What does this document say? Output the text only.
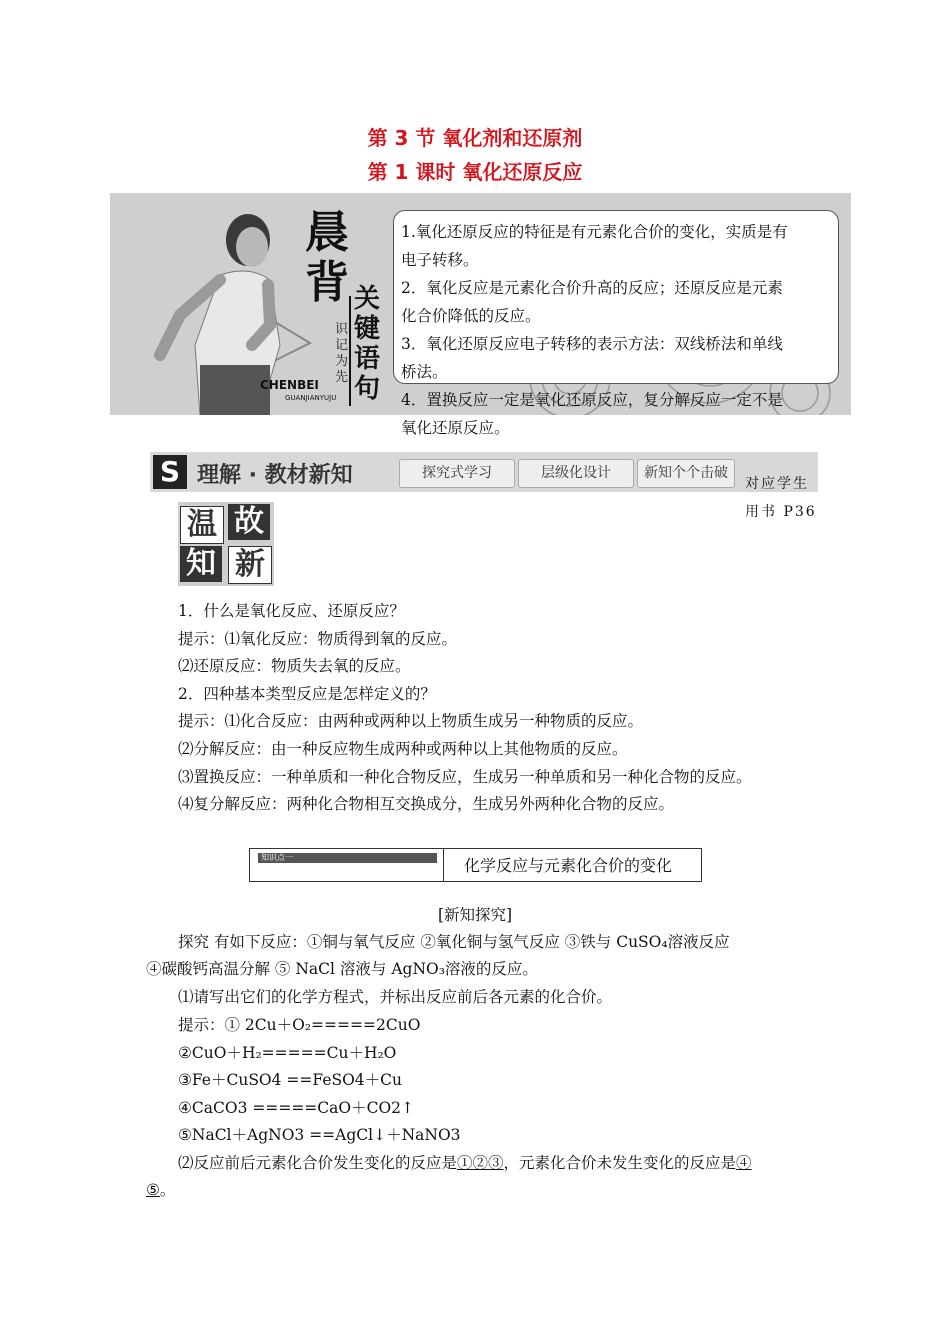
第 3 节 氧化剂和还原剂
第 1 课时 氧化还原反应
晨
背 关
键
语
句
识
记
为
先
CHENBEI
GUANJIANYUJU
1.氧化还原反应的特征是有元素化合价的变化，实质是有
电子转移。
2．氧化反应是元素化合价升高的反应；还原反应是元素
化合价降低的反应。
3．氧化还原反应电子转移的表示方法：双线桥法和单线
桥法。
4．置换反应一定是氧化还原反应，复分解反应一定不是
氧化还原反应。
S 理解 · 教材新知	探究式学习	层级化设计	新知个个击破
对应学生
用书 P36
温 故
知 新
1．什么是氧化反应、还原反应？
提示：⑴氧化反应：物质得到氧的反应。
⑵还原反应：物质失去氧的反应。
2．四种基本类型反应是怎样定义的？
提示：⑴化合反应：由两种或两种以上物质生成另一种物质的反应。
⑵分解反应：由一种反应物生成两种或两种以上其他物质的反应。
⑶置换反应：一种单质和一种化合物反应，生成另一种单质和另一种化合物的反应。
⑷复分解反应：两种化合物相互交换成分，生成另外两种化合物的反应。
知识点一	化学反应与元素化合价的变化
[新知探究]
探究 有如下反应：①铜与氧气反应 ②氧化铜与氢气反应 ③铁与 CuSO₄溶液反应
④碳酸钙高温分解 ⑤ NaCl 溶液与 AgNO₃溶液的反应。
⑴请写出它们的化学方程式，并标出反应前后各元素的化合价。
提示：① 2Cu＋O₂=====2CuO
②CuO＋H₂=====Cu＋H₂O
③Fe＋CuSO4 ==FeSO4＋Cu
④CaCO3 =====CaO＋CO2↑
⑤NaCl＋AgNO3 ==AgCl↓＋NaNO3
⑵反应前后元素化合价发生变化的反应是①②③，元素化合价未发生变化的反应是④
⑤。
